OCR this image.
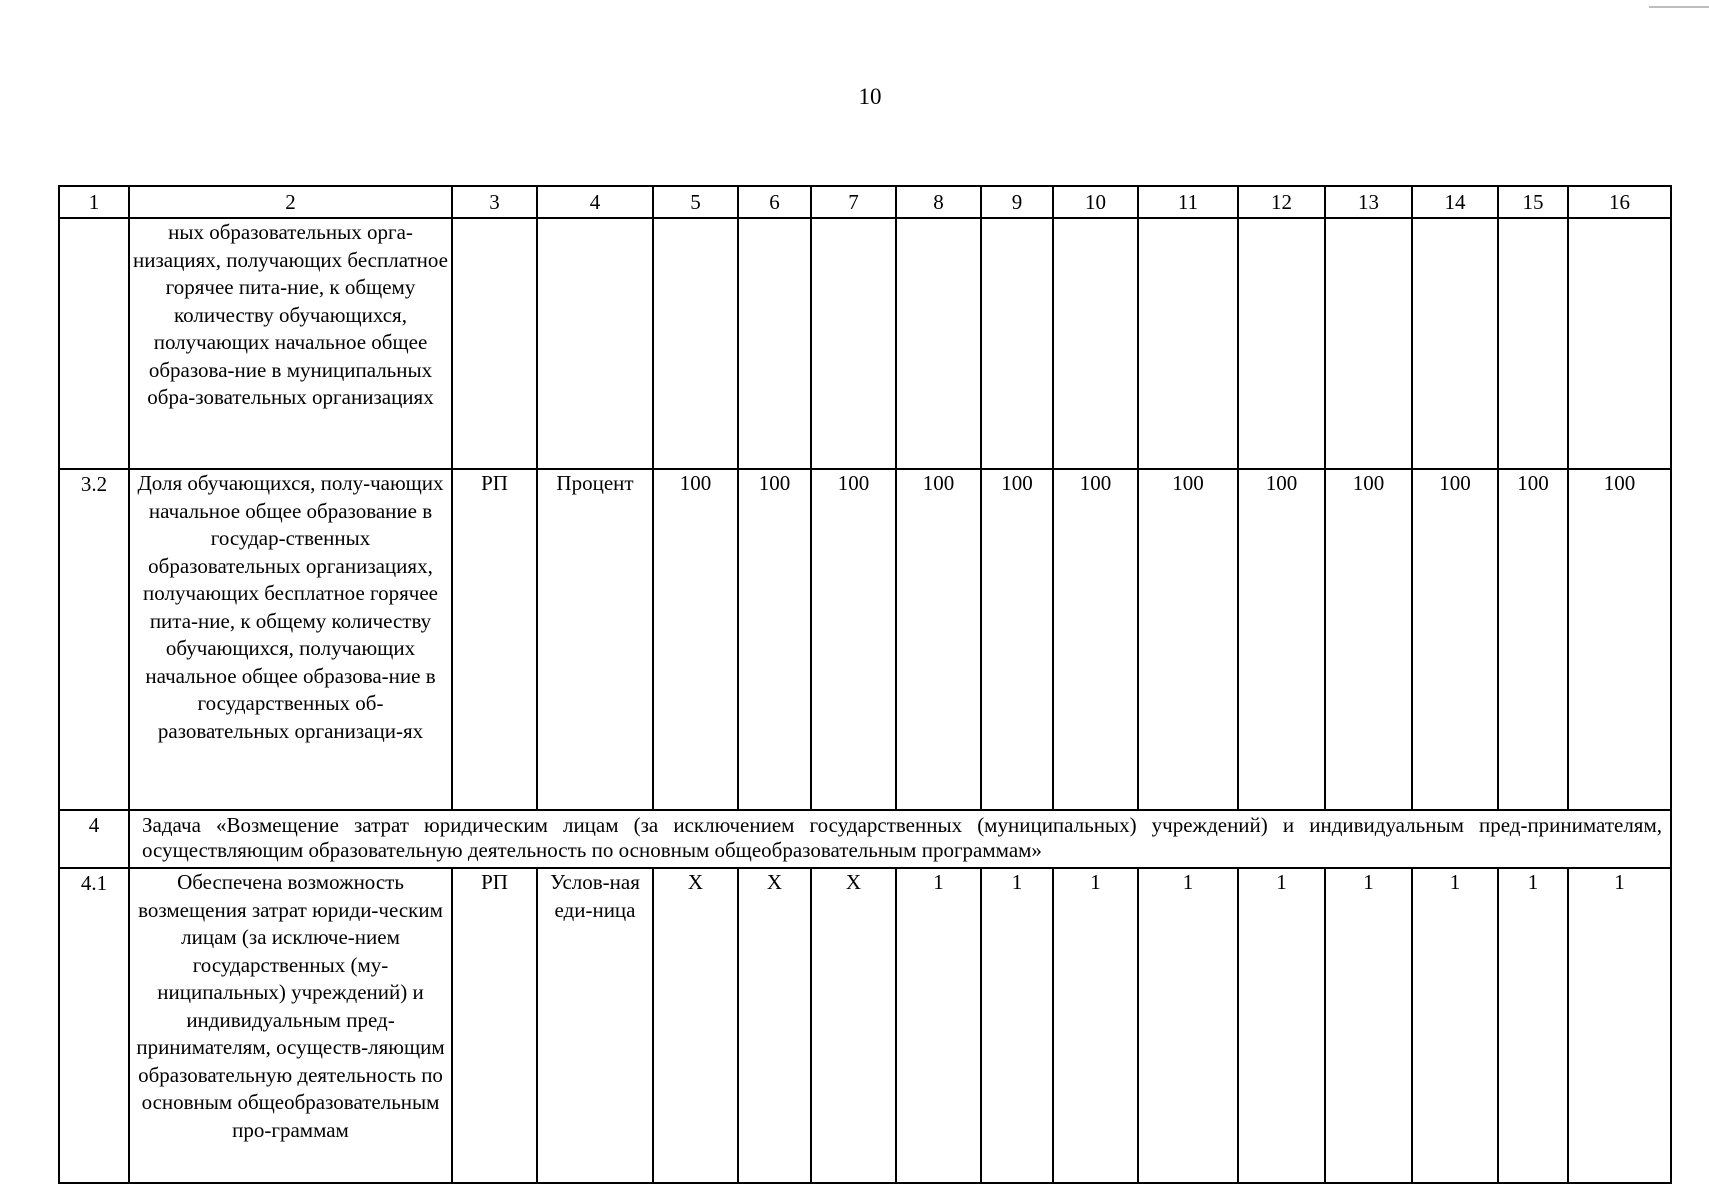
10
1	2	3	4	5	6	7	8	9	10	11	12	13	14	15	16
	ных образовательных орга-низациях, получающих бесплатное горячее пита-ние, к общему количеству обучающихся, получающих начальное общее образова-ние в муниципальных обра-зовательных организациях														
3.2	Доля обучающихся, полу-чающих начальное общее образование в государ-ственных образовательных организациях, получающих бесплатное горячее пита-ние, к общему количеству обучающихся, получающих начальное общее образова-ние в государственных об-разовательных организаци-ях	РП	Процент	100	100	100	100	100	100	100	100	100	100	100	100
4	Задача «Возмещение затрат юридическим лицам (за исключением государственных (муниципальных) учреждений) и индивидуальным пред-принимателям, осуществляющим образовательную деятельность по основным общеобразовательным программам»														
4.1	Обеспечена возможность возмещения затрат юриди-ческим лицам (за исключе-нием государственных (му-ниципальных) учреждений) и индивидуальным пред-принимателям, осуществ-ляющим образовательную деятельность по основным общеобразовательным про-граммам	РП	Услов-ная еди-ница	Х	Х	Х	1	1	1	1	1	1	1	1	1
